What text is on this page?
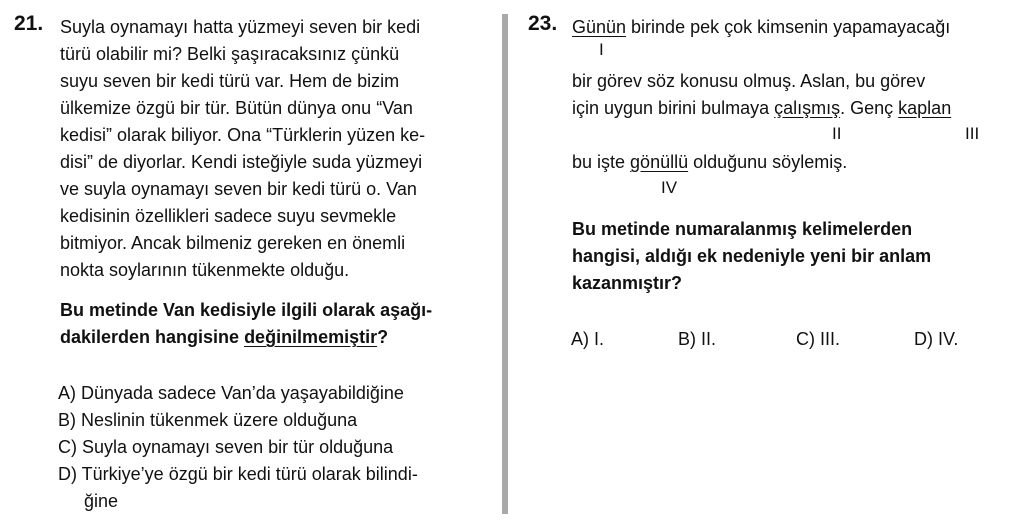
21. Suyla oynamayı hatta yüzmeyi seven bir kedi
türü olabilir mi? Belki şaşıracaksınız çünkü
suyu seven bir kedi türü var. Hem de bizim
ülkemize özgü bir tür. Bütün dünya onu “Van
kedisi” olarak biliyor. Ona “Türklerin yüzen ke-
disi” de diyorlar. Kendi isteğiyle suda yüzmeyi
ve suyla oynamayı seven bir kedi türü o. Van
kedisinin özellikleri sadece suyu sevmekle
bitmiyor. Ancak bilmeniz gereken en önemli
nokta soylarının tükenmekte olduğu.
Bu metinde Van kedisiyle ilgili olarak aşağı-
dakilerden hangisine değinilmemiştir?
A) Dünyada sadece Van’da yaşayabildiğine
B) Neslinin tükenmek üzere olduğuna
C) Suyla oynamayı seven bir tür olduğuna
D) Türkiye’ye özgü bir kedi türü olarak bilindi-
ğine
23. Günün birinde pek çok kimsenin yapamayacağı
I
bir görev söz konusu olmuş. Aslan, bu görev
için uygun birini bulmaya çalışmış. Genç kaplan
II	III
bu işte gönüllü olduğunu söylemiş.
IV
Bu metinde numaralanmış kelimelerden
hangisi, aldığı ek nedeniyle yeni bir anlam
kazanmıştır?
A) I.	B) II.	C) III.	D) IV.
